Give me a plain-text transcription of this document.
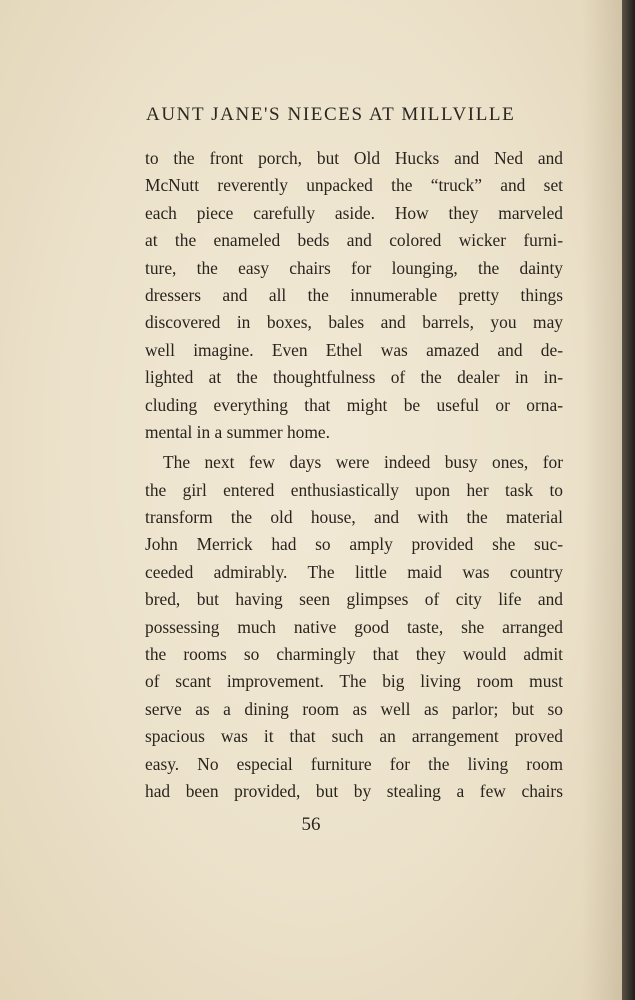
AUNT JANE'S NIECES AT MILLVILLE
to the front porch, but Old Hucks and Ned and
McNutt reverently unpacked the “truck” and set
each piece carefully aside. How they marveled
at the enameled beds and colored wicker furni-
ture, the easy chairs for lounging, the dainty
dressers and all the innumerable pretty things
discovered in boxes, bales and barrels, you may
well imagine. Even Ethel was amazed and de-
lighted at the thoughtfulness of the dealer in in-
cluding everything that might be useful or orna-
mental in a summer home.
The next few days were indeed busy ones, for
the girl entered enthusiastically upon her task to
transform the old house, and with the material
John Merrick had so amply provided she suc-
ceeded admirably. The little maid was country
bred, but having seen glimpses of city life and
possessing much native good taste, she arranged
the rooms so charmingly that they would admit
of scant improvement. The big living room must
serve as a dining room as well as parlor; but so
spacious was it that such an arrangement proved
easy. No especial furniture for the living room
had been provided, but by stealing a few chairs
56
